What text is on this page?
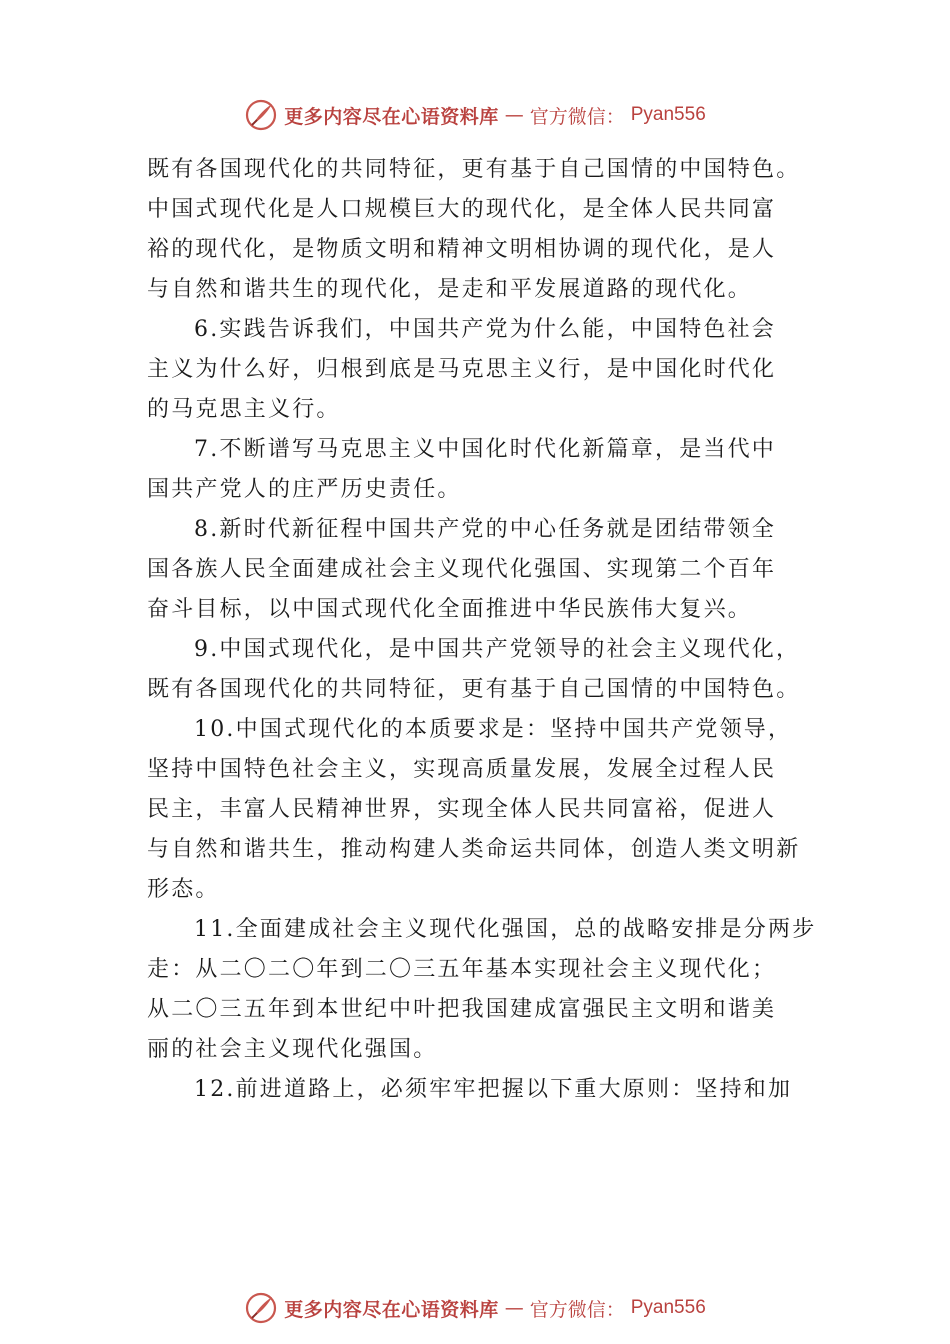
更多内容尽在心语资料库 — 官方微信： Pyan556

既有各国现代化的共同特征，更有基于自己国情的中国特色。
中国式现代化是人口规模巨大的现代化，是全体人民共同富
裕的现代化，是物质文明和精神文明相协调的现代化，是人
与自然和谐共生的现代化，是走和平发展道路的现代化。

6.实践告诉我们，中国共产党为什么能，中国特色社会
主义为什么好，归根到底是马克思主义行，是中国化时代化
的马克思主义行。

7.不断谱写马克思主义中国化时代化新篇章，是当代中
国共产党人的庄严历史责任。

8.新时代新征程中国共产党的中心任务就是团结带领全
国各族人民全面建成社会主义现代化强国、实现第二个百年
奋斗目标，以中国式现代化全面推进中华民族伟大复兴。

9.中国式现代化，是中国共产党领导的社会主义现代化，
既有各国现代化的共同特征，更有基于自己国情的中国特色。

10.中国式现代化的本质要求是：坚持中国共产党领导，
坚持中国特色社会主义，实现高质量发展，发展全过程人民
民主，丰富人民精神世界，实现全体人民共同富裕，促进人
与自然和谐共生，推动构建人类命运共同体，创造人类文明新
形态。

11.全面建成社会主义现代化强国，总的战略安排是分两步
走：从二〇二〇年到二〇三五年基本实现社会主义现代化；
从二〇三五年到本世纪中叶把我国建成富强民主文明和谐美
丽的社会主义现代化强国。

12.前进道路上，必须牢牢把握以下重大原则：坚持和加

更多内容尽在心语资料库 — 官方微信： Pyan556
